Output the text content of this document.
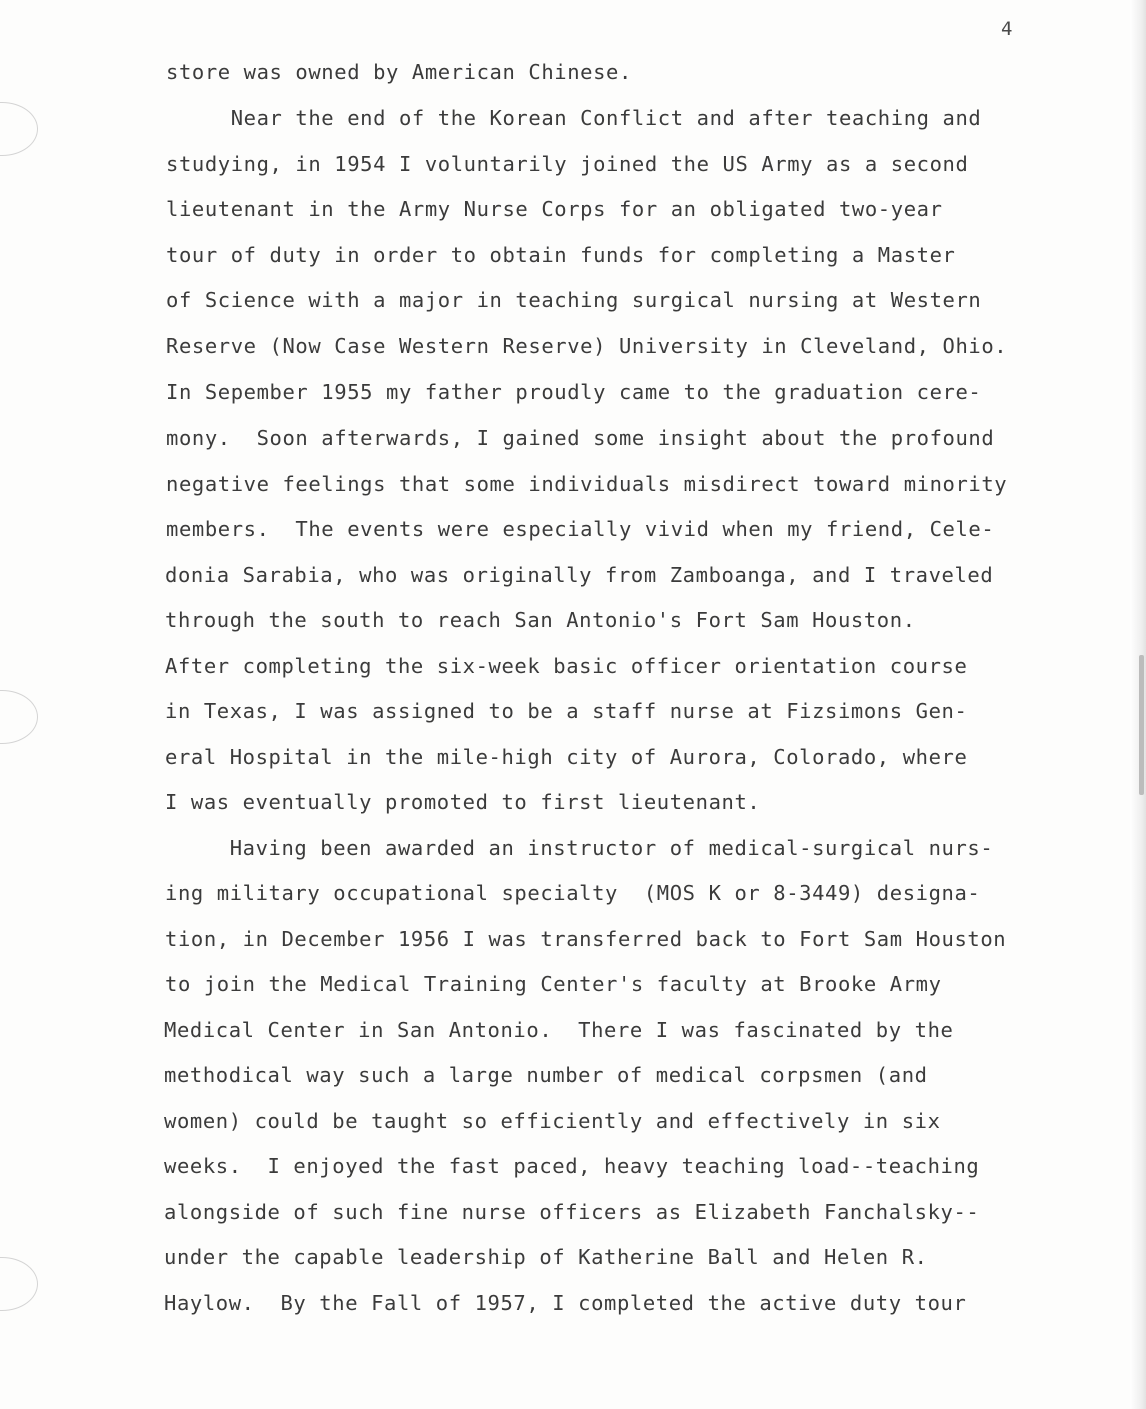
4

store was owned by American Chinese.
Near the end of the Korean Conflict and after teaching and
studying, in 1954 I voluntarily joined the US Army as a second
lieutenant in the Army Nurse Corps for an obligated two-year
tour of duty in order to obtain funds for completing a Master
of Science with a major in teaching surgical nursing at Western
Reserve (Now Case Western Reserve) University in Cleveland, Ohio.
In Sepember 1955 my father proudly came to the graduation cere-
mony.  Soon afterwards, I gained some insight about the profound
negative feelings that some individuals misdirect toward minority
members.  The events were especially vivid when my friend, Cele-
donia Sarabia, who was originally from Zamboanga, and I traveled
through the south to reach San Antonio's Fort Sam Houston.
After completing the six-week basic officer orientation course
in Texas, I was assigned to be a staff nurse at Fizsimons Gen-
eral Hospital in the mile-high city of Aurora, Colorado, where
I was eventually promoted to first lieutenant.
Having been awarded an instructor of medical-surgical nurs-
ing military occupational specialty  (MOS K or 8-3449) designa-
tion, in December 1956 I was transferred back to Fort Sam Houston
to join the Medical Training Center's faculty at Brooke Army
Medical Center in San Antonio.  There I was fascinated by the
methodical way such a large number of medical corpsmen (and
women) could be taught so efficiently and effectively in six
weeks.  I enjoyed the fast paced, heavy teaching load--teaching
alongside of such fine nurse officers as Elizabeth Fanchalsky--
under the capable leadership of Katherine Ball and Helen R.
Haylow.  By the Fall of 1957, I completed the active duty tour
